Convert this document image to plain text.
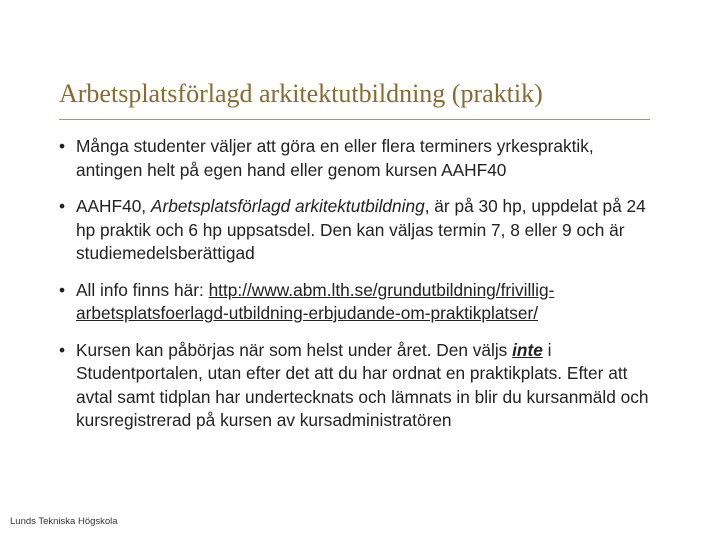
Arbetsplatsförlagd arkitektutbildning (praktik)
• Många studenter väljer att göra en eller flera terminers yrkespraktik, antingen helt på egen hand eller genom kursen AAHF40
• AAHF40, Arbetsplatsförlagd arkitektutbildning, är på 30 hp, uppdelat på 24 hp praktik och 6 hp uppsatsdel. Den kan väljas termin 7, 8 eller 9 och är studiemedelsberättigad
• All info finns här: http://www.abm.lth.se/grundutbildning/frivillig-arbetsplatsfoerlagd-utbildning-erbjudande-om-praktikplatser/
• Kursen kan påbörjas när som helst under året. Den väljs inte i Studentportalen, utan efter det att du har ordnat en praktikplats. Efter att avtal samt tidplan har undertecknats och lämnats in blir du kursanmäld och kursregistrerad på kursen av kursadministratören
Lunds Tekniska Högskola
